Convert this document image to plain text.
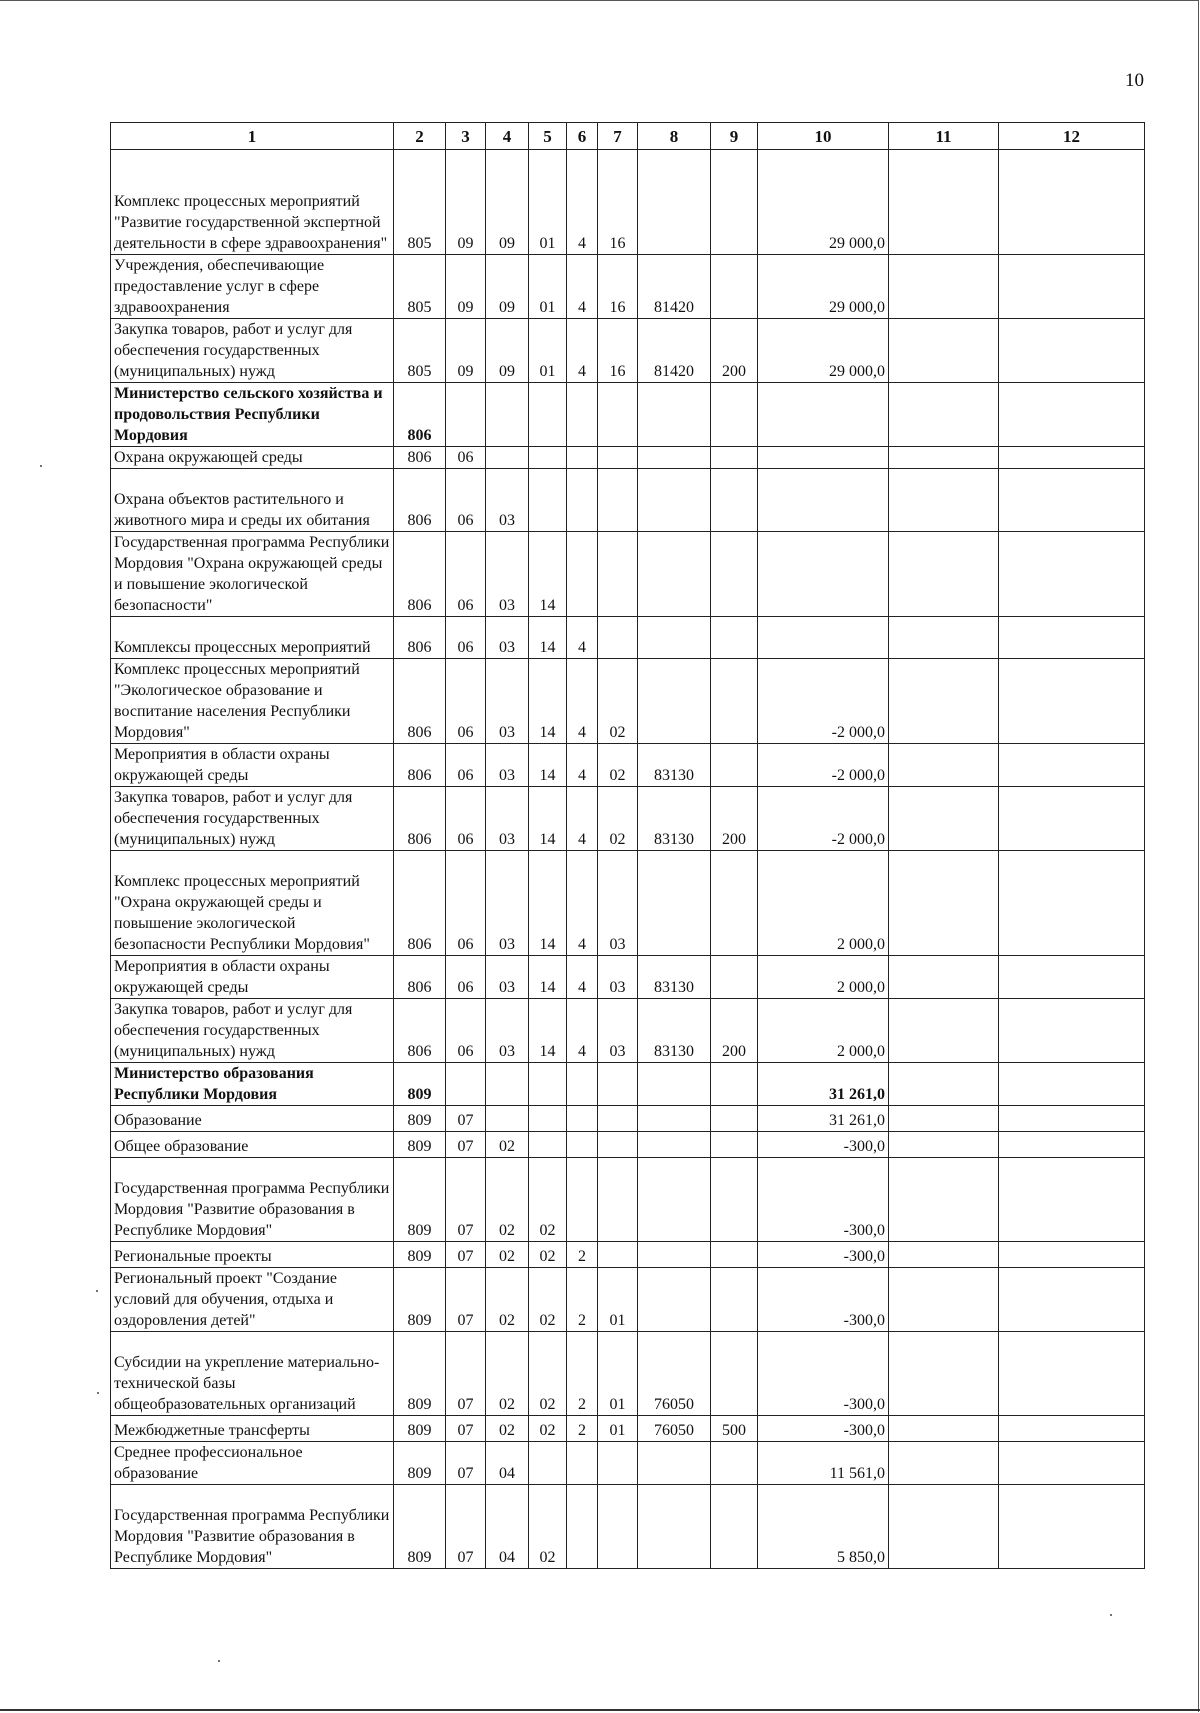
10
1	2	3	4	5	6	7	8	9	10	11	12
Комплекс процессных мероприятий "Развитие государственной экспертной деятельности в сфере здравоохранения"	805	09	09	01	4	16			29 000,0		
Учреждения, обеспечивающие предоставление услуг в сфере здравоохранения	805	09	09	01	4	16	81420		29 000,0		
Закупка товаров, работ и услуг для обеспечения государственных (муниципальных) нужд	805	09	09	01	4	16	81420	200	29 000,0		
Министерство сельского хозяйства и продовольствия Республики Мордовия	806										
Охрана окружающей среды	806	06									
Охрана объектов растительного и животного мира и среды их обитания	806	06	03								
Государственная программа Республики Мордовия "Охрана окружающей среды и повышение экологической безопасности"	806	06	03	14							
Комплексы процессных мероприятий	806	06	03	14	4						
Комплекс процессных мероприятий "Экологическое образование и воспитание населения Республики Мордовия"	806	06	03	14	4	02			-2 000,0		
Мероприятия в области охраны окружающей среды	806	06	03	14	4	02	83130		-2 000,0		
Закупка товаров, работ и услуг для обеспечения государственных (муниципальных) нужд	806	06	03	14	4	02	83130	200	-2 000,0		
Комплекс процессных мероприятий "Охрана окружающей среды и повышение экологической безопасности Республики Мордовия"	806	06	03	14	4	03			2 000,0		
Мероприятия в области охраны окружающей среды	806	06	03	14	4	03	83130		2 000,0		
Закупка товаров, работ и услуг для обеспечения государственных (муниципальных) нужд	806	06	03	14	4	03	83130	200	2 000,0		
Министерство образования Республики Мордовия	809								31 261,0		
Образование	809	07							31 261,0		
Общее образование	809	07	02						-300,0		
Государственная программа Республики Мордовия "Развитие образования в Республике Мордовия"	809	07	02	02					-300,0		
Региональные проекты	809	07	02	02	2				-300,0		
Региональный проект "Создание условий для обучения, отдыха и оздоровления детей"	809	07	02	02	2	01			-300,0		
Субсидии на укрепление материально-технической базы общеобразовательных организаций	809	07	02	02	2	01	76050		-300,0		
Межбюджетные трансферты	809	07	02	02	2	01	76050	500	-300,0		
Среднее профессиональное образование	809	07	04						11 561,0		
Государственная программа Республики Мордовия "Развитие образования в Республике Мордовия"	809	07	04	02					5 850,0		
